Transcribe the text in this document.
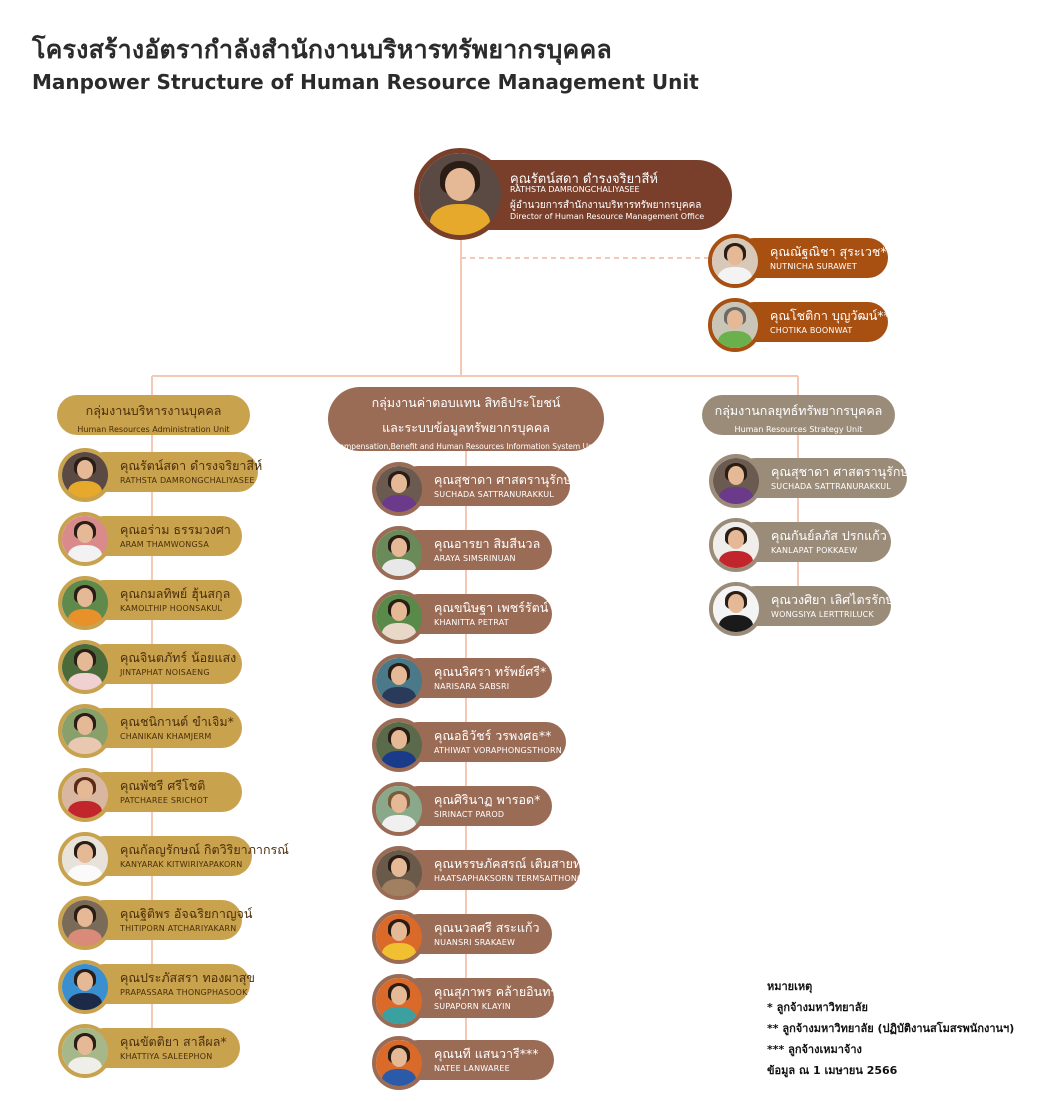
โครงสร้างอัตรากำลังสำนักงานบริหารทรัพยากรบุคคล
Manpower Structure of Human Resource Management Unit
คุณรัตน์สดา ดำรงจริยาสีห์
RATHSTA DAMRONGCHALIYASEE
ผู้อำนวยการสำนักงานบริหารทรัพยากรบุคคล
Director of Human Resource Management Office
คุณณัฐณิชา สุระเวช*
NUTNICHA SURAWET
คุณโชติกา บุญวัฒน์***
CHOTIKA BOONWAT
กลุ่มงานบริหารงานบุคคล
Human Resources Administration Unit
กลุ่มงานค่าตอบแทน สิทธิประโยชน์
และระบบข้อมูลทรัพยากรบุคคล
Compensation,Benefit and Human Resources Information System Unit
กลุ่มงานกลยุทธ์ทรัพยากรบุคคล
Human Resources Strategy Unit
คุณรัตน์สดา ดำรงจริยาสีห์
RATHSTA DAMRONGCHALIYASEE
คุณอร่าม ธรรมวงศา
ARAM THAMWONGSA
คุณกมลทิพย์ ฮุ้นสกุล
KAMOLTHIP HOONSAKUL
คุณจินตภัทร์ น้อยแสง
JINTAPHAT NOISAENG
คุณชนิกานต์ ขำเจิม*
CHANIKAN KHAMJERM
คุณพัชรี ศรีโชติ
PATCHAREE SRICHOT
คุณกัลญรักษณ์ กิตวิริยาภากรณ์
KANYARAK KITWIRIYAPAKORN
คุณฐิติพร อัจฉริยกาญจน์
THITIPORN ATCHARIYAKARN
คุณประภัสสรา ทองผาสุข
PRAPASSARA THONGPHASOOK
คุณขัตติยา สาลีผล*
KHATTIYA SALEEPHON
คุณสุชาดา ศาสตรานุรักษ์กุล
SUCHADA SATTRANURAKKUL
คุณอารยา สิมสีนวล
ARAYA SIMSRINUAN
คุณขนิษฐา เพชร์รัตน์
KHANITTA PETRAT
คุณนริศรา ทรัพย์ศรี*
NARISARA SABSRI
คุณอธิวัชร์ วรพงศธ**
ATHIWAT VORAPHONGSTHORN
คุณศิรินาฏ พารอด*
SIRINACT PAROD
คุณหรรษภัคสรณ์ เติมสายทอง
HAATSAPHAKSORN TERMSAITHONG
คุณนวลศรี สระแก้ว
NUANSRI SRAKAEW
คุณสุภาพร คล้ายอินทร์*
SUPAPORN KLAYIN
คุณนที แสนวารี***
NATEE LANWAREE
คุณสุชาดา ศาสตรานุรักษ์กุล
SUCHADA SATTRANURAKKUL
คุณกันย์ลภัส ปรกแก้ว
KANLAPAT POKKAEW
คุณวงศิยา เลิศไตรรักษ์
WONGSIYA LERTTRILUCK
หมายเหตุ
* ลูกจ้างมหาวิทยาลัย
** ลูกจ้างมหาวิทยาลัย (ปฏิบัติงานสโมสรพนักงานฯ)
*** ลูกจ้างเหมาจ้าง
ข้อมูล ณ 1 เมษายน 2566
